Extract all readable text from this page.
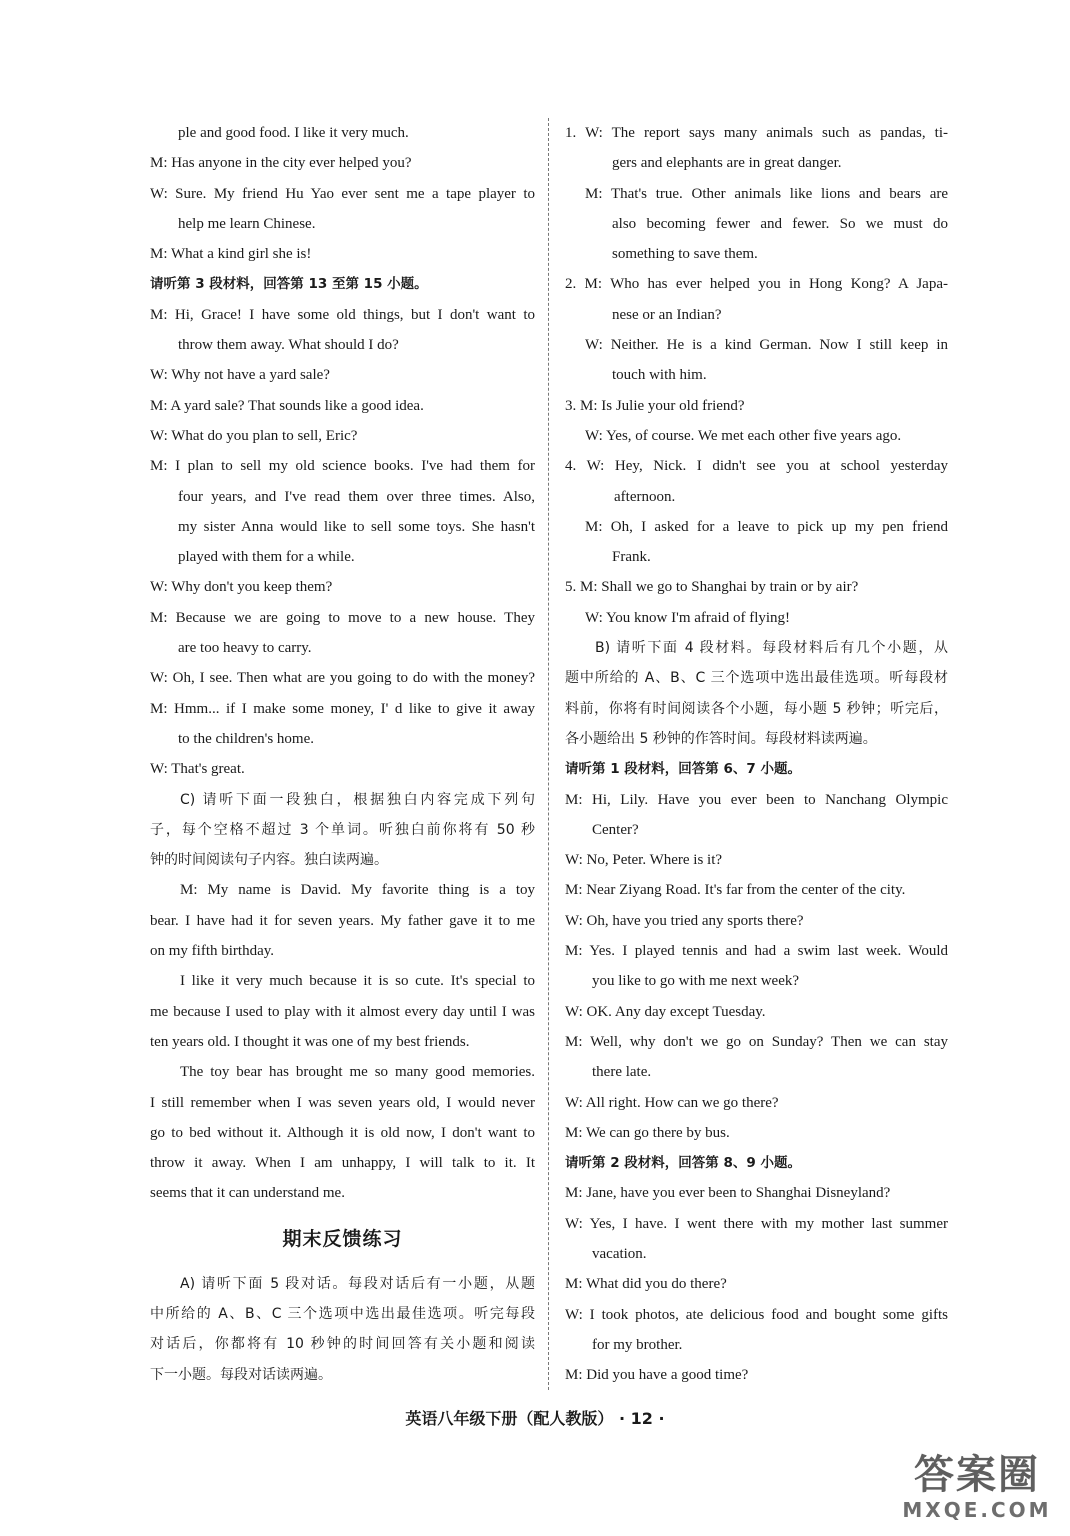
ple and good food. I like it very much.
M: Has anyone in the city ever helped you?
W: Sure. My friend Hu Yao ever sent me a tape player to
help me learn Chinese.
M: What a kind girl she is!
请听第 3 段材料，回答第 13 至第 15 小题。
M: Hi, Grace! I have some old things, but I don't want to
throw them away. What should I do?
W: Why not have a yard sale?
M: A yard sale? That sounds like a good idea.
W: What do you plan to sell, Eric?
M: I plan to sell my old science books. I've had them for
four years, and I've read them over three times. Also,
my sister Anna would like to sell some toys. She hasn't
played with them for a while.
W: Why don't you keep them?
M: Because we are going to move to a new house. They
are too heavy to carry.
W: Oh, I see. Then what are you going to do with the money?
M: Hmm... if I make some money, I' d like to give it away
to the children's home.
W: That's great.
C) 请听下面一段独白，根据独白内容完成下列句
子，每个空格不超过 3 个单词。听独白前你将有 50 秒
钟的时间阅读句子内容。独白读两遍。
M: My name is David. My favorite thing is a toy
bear. I have had it for seven years. My father gave it to me
on my fifth birthday.
I like it very much because it is so cute. It's special to
me because I used to play with it almost every day until I was
ten years old. I thought it was one of my best friends.
The toy bear has brought me so many good memories.
I still remember when I was seven years old, I would never
go to bed without it. Although it is old now, I don't want to
throw it away. When I am unhappy, I will talk to it. It
seems that it can understand me.
期末反馈练习
A) 请听下面 5 段对话。每段对话后有一小题，从题
中所给的 A、B、C 三个选项中选出最佳选项。听完每段
对话后，你都将有 10 秒钟的时间回答有关小题和阅读
下一小题。每段对话读两遍。
1. W: The report says many animals such as pandas, ti-
gers and elephants are in great danger.
M: That's true. Other animals like lions and bears are
also becoming fewer and fewer. So we must do
something to save them.
2. M: Who has ever helped you in Hong Kong? A Japa-
nese or an Indian?
W: Neither. He is a kind German. Now I still keep in
touch with him.
3. M: Is Julie your old friend?
W: Yes, of course. We met each other five years ago.
4. W: Hey, Nick. I didn't see you at school yesterday
afternoon.
M: Oh, I asked for a leave to pick up my pen friend
Frank.
5. M: Shall we go to Shanghai by train or by air?
W: You know I'm afraid of flying!
B) 请听下面 4 段材料。每段材料后有几个小题，从
题中所给的 A、B、C 三个选项中选出最佳选项。听每段材
料前，你将有时间阅读各个小题，每小题 5 秒钟；听完后，
各小题给出 5 秒钟的作答时间。每段材料读两遍。
请听第 1 段材料，回答第 6、7 小题。
M: Hi, Lily. Have you ever been to Nanchang Olympic
Center?
W: No, Peter. Where is it?
M: Near Ziyang Road. It's far from the center of the city.
W: Oh, have you tried any sports there?
M: Yes. I played tennis and had a swim last week. Would
you like to go with me next week?
W: OK. Any day except Tuesday.
M: Well, why don't we go on Sunday? Then we can stay
there late.
W: All right. How can we go there?
M: We can go there by bus.
请听第 2 段材料，回答第 8、9 小题。
M: Jane, have you ever been to Shanghai Disneyland?
W: Yes, I have. I went there with my mother last summer
vacation.
M: What did you do there?
W: I took photos, ate delicious food and bought some gifts
for my brother.
M: Did you have a good time?
英语八年级下册（配人教版） · 12 ·
答案圈
MXQE.COM
